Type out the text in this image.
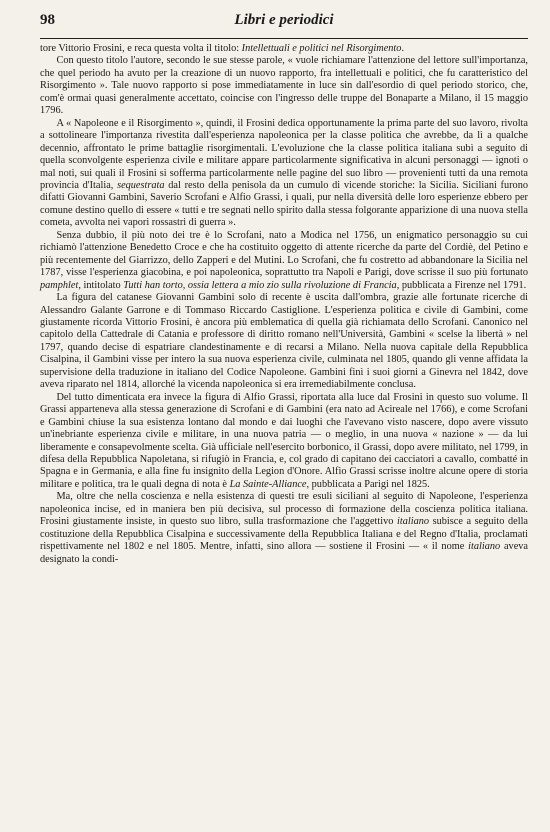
98	Libri e periodici

tore Vittorio Frosini, e reca questa volta il titolo: Intellettuali e politici nel Risorgimento.

Con questo titolo l'autore, secondo le sue stesse parole, « vuole richiamare l'attenzione del lettore sull'importanza, che quel periodo ha avuto per la creazione di un nuovo rapporto, fra intellettuali e politici, che fu caratteristico del Risorgimento ». Tale nuovo rapporto si pose immediatamente in luce sin dall'esordio di quel periodo storico, che, com'è ormai quasi generalmente accettato, coincise con l'ingresso delle truppe del Bonaparte a Milano, il 15 maggio 1796.

A « Napoleone e il Risorgimento », quindi, il Frosini dedica opportunamente la prima parte del suo lavoro, rivolta a sottolineare l'importanza rivestita dall'esperienza napoleonica per la classe politica che avrebbe, da lì a qualche decennio, affrontato le prime battaglie risorgimentali. L'evoluzione che la classe politica italiana subì a seguito di quella sconvolgente esperienza civile e militare appare particolarmente significativa in alcuni personaggi — ignoti o mal noti, sui quali il Frosini si sofferma particolarmente nelle pagine del suo libro — provenienti tutti da una remota provincia d'Italia, sequestrata dal resto della penisola da un cumulo di vicende storiche: la Sicilia. Siciliani furono difatti Giovanni Gambini, Saverio Scrofani e Alfio Grassi, i quali, pur nella diversità delle loro esperienze ebbero per comune destino quello di essere « tutti e tre segnati nello spirito dalla stessa folgorante apparizione di una nuova stella cometa, avvolta nei vapori rossastri di guerra ».

Senza dubbio, il più noto dei tre è lo Scrofani, nato a Modica nel 1756, un enigmatico personaggio su cui richiamò l'attenzione Benedetto Croce e che ha costituito oggetto di attente ricerche da parte del Cordiè, del Petino e più recentemente del Giarrizzo, dello Zapperi e del Mutini. Lo Scrofani, che fu costretto ad abbandonare la Sicilia nel 1787, visse l'esperienza giacobina, e poi napoleonica, soprattutto tra Napoli e Parigi, dove scrisse il suo più fortunato pamphlet, intitolato Tutti han torto, ossia lettera a mio zio sulla rivoluzione di Francia, pubblicata a Firenze nel 1791.

La figura del catanese Giovanni Gambini solo di recente è uscita dall'ombra, grazie alle fortunate ricerche di Alessandro Galante Garrone e di Tommaso Riccardo Castiglione. L'esperienza politica e civile di Gambini, come giustamente ricorda Vittorio Frosini, è ancora più emblematica di quella già richiamata dello Scrofani. Canonico nel capitolo della Cattedrale di Catania e professore di diritto romano nell'Università, Gambini « scelse la libertà » nel 1797, quando decise di espatriare clandestinamente e di recarsi a Milano. Nella nuova capitale della Repubblica Cisalpina, il Gambini visse per intero la sua nuova esperienza civile, culminata nel 1805, quando gli venne affidata la supervisione della traduzione in italiano del Codice Napoleone. Gambini finì i suoi giorni a Ginevra nel 1842, dove aveva riparato nel 1814, allorché la vicenda napoleonica si era irremediabilmente conclusa.

Del tutto dimenticata era invece la figura di Alfio Grassi, riportata alla luce dal Frosini in questo suo volume. Il Grassi apparteneva alla stessa generazione di Scrofani e di Gambini (era nato ad Acireale nel 1766), e come Scrofani e Gambini chiuse la sua esistenza lontano dal mondo e dai luoghi che l'avevano visto nascere, dopo avere vissuto un'inebriante esperienza civile e militare, in una nuova patria — o meglio, in una nuova « nazione » — da lui liberamente e consapevolmente scelta. Già ufficiale nell'esercito borbonico, il Grassi, dopo avere militato, nel 1799, in difesa della Repubblica Napoletana, si rifugiò in Francia, e, col grado di capitano dei cacciatori a cavallo, combatté in Spagna e in Germania, e alla fine fu insignito della Legion d'Onore. Alfio Grassi scrisse inoltre alcune opere di storia militare e politica, tra le quali degna di nota è La Sainte-Alliance, pubblicata a Parigi nel 1825.

Ma, oltre che nella coscienza e nella esistenza di questi tre esuli siciliani al seguito di Napoleone, l'esperienza napoleonica incise, ed in maniera ben più decisiva, sul processo di formazione della coscienza politica italiana. Frosini giustamente insiste, in questo suo libro, sulla trasformazione che l'aggettivo italiano subisce a seguito della costituzione della Repubblica Cisalpina e successivamente della Repubblica Italiana e del Regno d'Italia, proclamati rispettivamente nel 1802 e nel 1805. Mentre, infatti, sino allora — sostiene il Frosini — « il nome italiano aveva designato la condi-
